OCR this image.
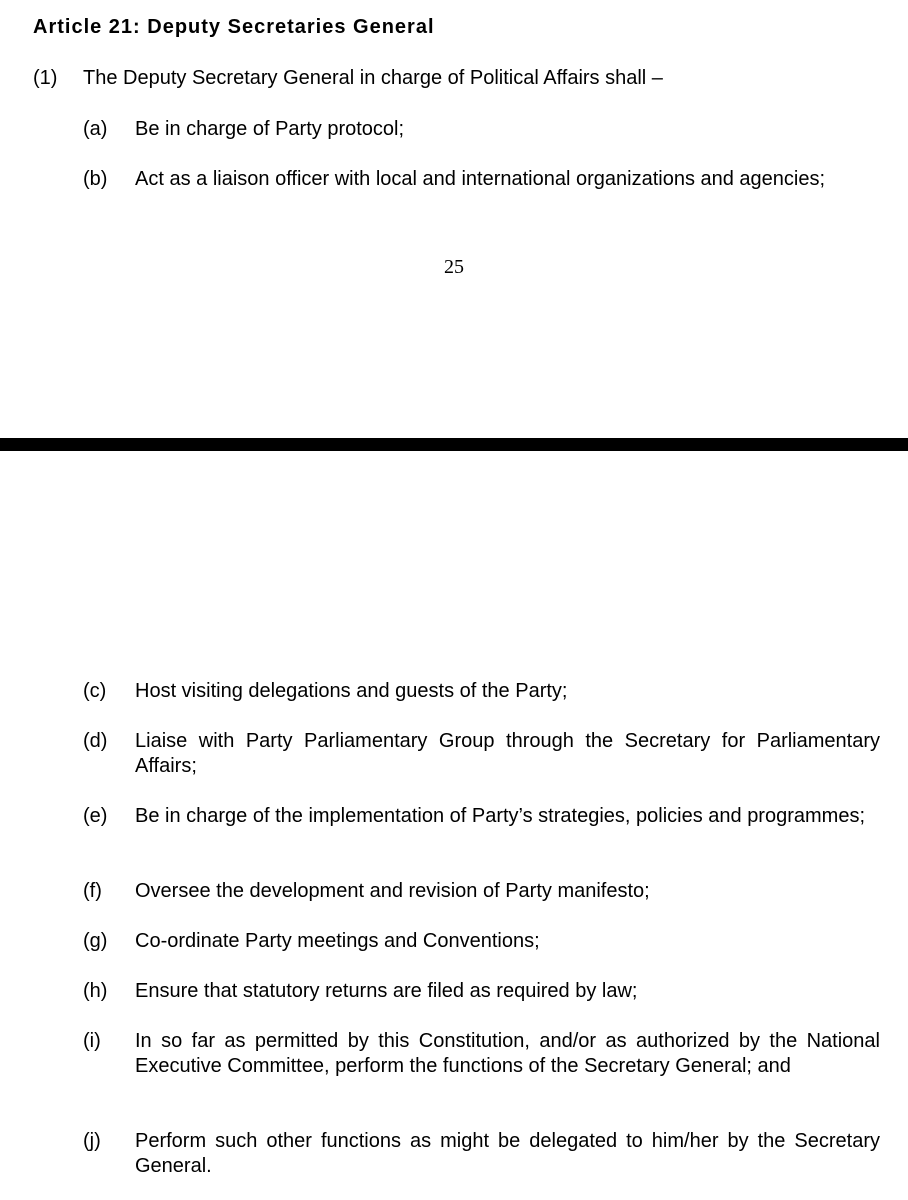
Article 21: Deputy Secretaries General
(1) The Deputy Secretary General in charge of Political Affairs shall –
(a) Be in charge of Party protocol;
(b) Act as a liaison officer with local and international organizations and agencies;
25
(c) Host visiting delegations and guests of the Party;
(d) Liaise with Party Parliamentary Group through the Secretary for Parliamentary Affairs;
(e) Be in charge of the implementation of Party’s strategies, policies and programmes;
(f) Oversee the development and revision of Party manifesto;
(g) Co-ordinate Party meetings and Conventions;
(h) Ensure that statutory returns are filed as required by law;
(i) In so far as permitted by this Constitution, and/or as authorized by the National Executive Committee, perform the functions of the Secretary General; and
(j) Perform such other functions as might be delegated to him/her by the Secretary General.
